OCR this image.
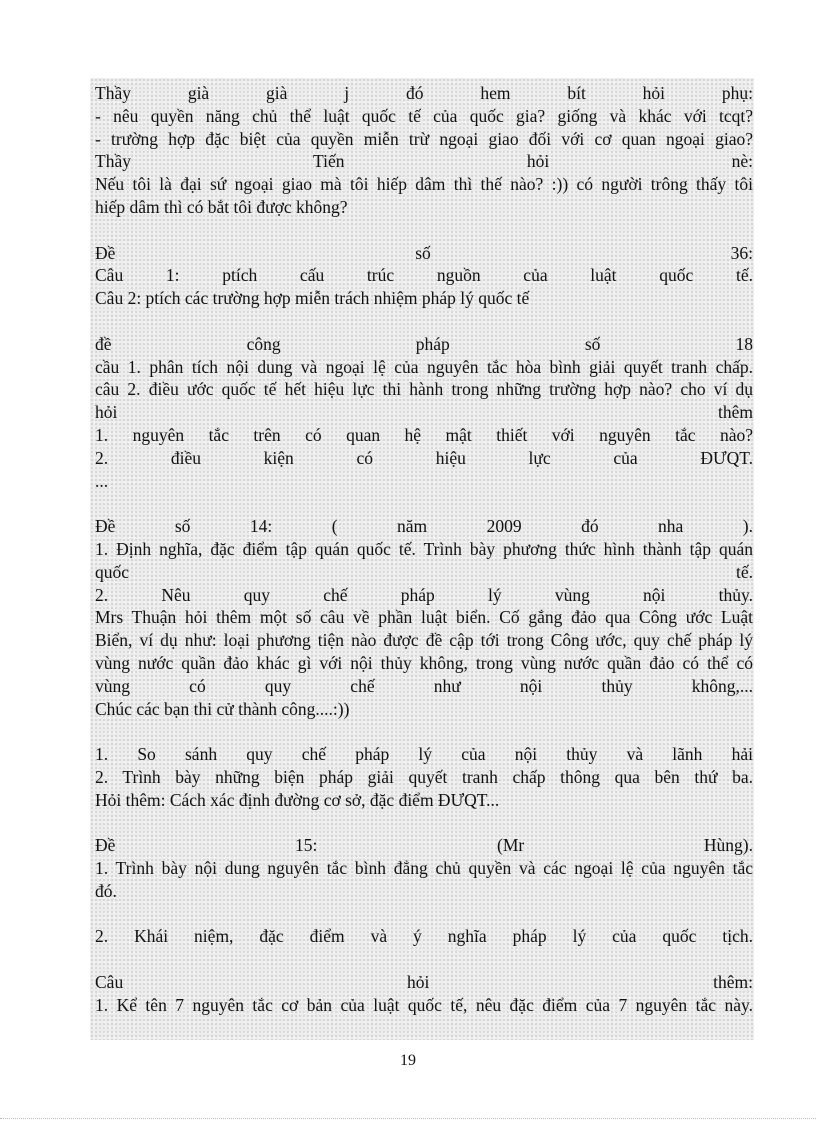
Thầy già già j đó hem bít hỏi phụ:
- nêu quyền năng chủ thể luật quốc tế của quốc gia? giống và khác với tcqt?
- trường hợp đặc biệt của quyền miễn trừ ngoại giao đối với cơ quan ngoại giao?
Thầy Tiến hỏi nè:
Nếu tôi là đại sứ ngoại giao mà tôi hiếp dâm thì thế nào? :)) có người trông thấy tôi
hiếp dâm thì có bắt tôi được không?
Đề số 36:
Câu 1: ptích cấu trúc nguồn của luật quốc tế.
Câu 2: ptích các trường hợp miễn trách nhiệm pháp lý quốc tế
đề công pháp số 18
cầu 1. phân tích nội dung và ngoại lệ của nguyên tắc hòa bình giải quyết tranh chấp.
câu 2. điều ước quốc tế hết hiệu lực thi hành trong những trường hợp nào? cho ví dụ
hỏi thêm
1. nguyên tắc trên có quan hệ mật thiết với nguyên tắc nào?
2. điều kiện có hiệu lực của ĐƯQT.
...
Đề số 14: ( năm 2009 đó nha ).
1. Định nghĩa, đặc điểm tập quán quốc tế. Trình bày phương thức hình thành tập quán
quốc tế.
2. Nêu quy chế pháp lý vùng nội thủy.
Mrs Thuận hỏi thêm một số câu về phần luật biển. Cố gắng đảo qua Công ước Luật
Biển, ví dụ như: loại phương tiện nào được đề cập tới trong Công ước, quy chế pháp lý
vùng nước quần đảo khác gì với nội thủy không, trong vùng nước quần đảo có thể có
vùng có quy chế như nội thủy không,...
Chúc các bạn thi cử thành công....:))
1. So sánh quy chế pháp lý của nội thủy và lãnh hải
2. Trình bày những biện pháp giải quyết tranh chấp thông qua bên thứ ba.
Hỏi thêm: Cách xác định đường cơ sở, đặc điểm ĐƯQT...
Đề 15: (Mr Hùng).
1. Trình bày nội dung nguyên tắc bình đẳng chủ quyền và các ngoại lệ của nguyên tắc
đó.
2. Khái niệm, đặc điểm và ý nghĩa pháp lý của quốc tịch.
Câu hỏi thêm:
1. Kể tên 7 nguyên tắc cơ bản của luật quốc tế, nêu đặc điểm của 7 nguyên tắc này.
19
